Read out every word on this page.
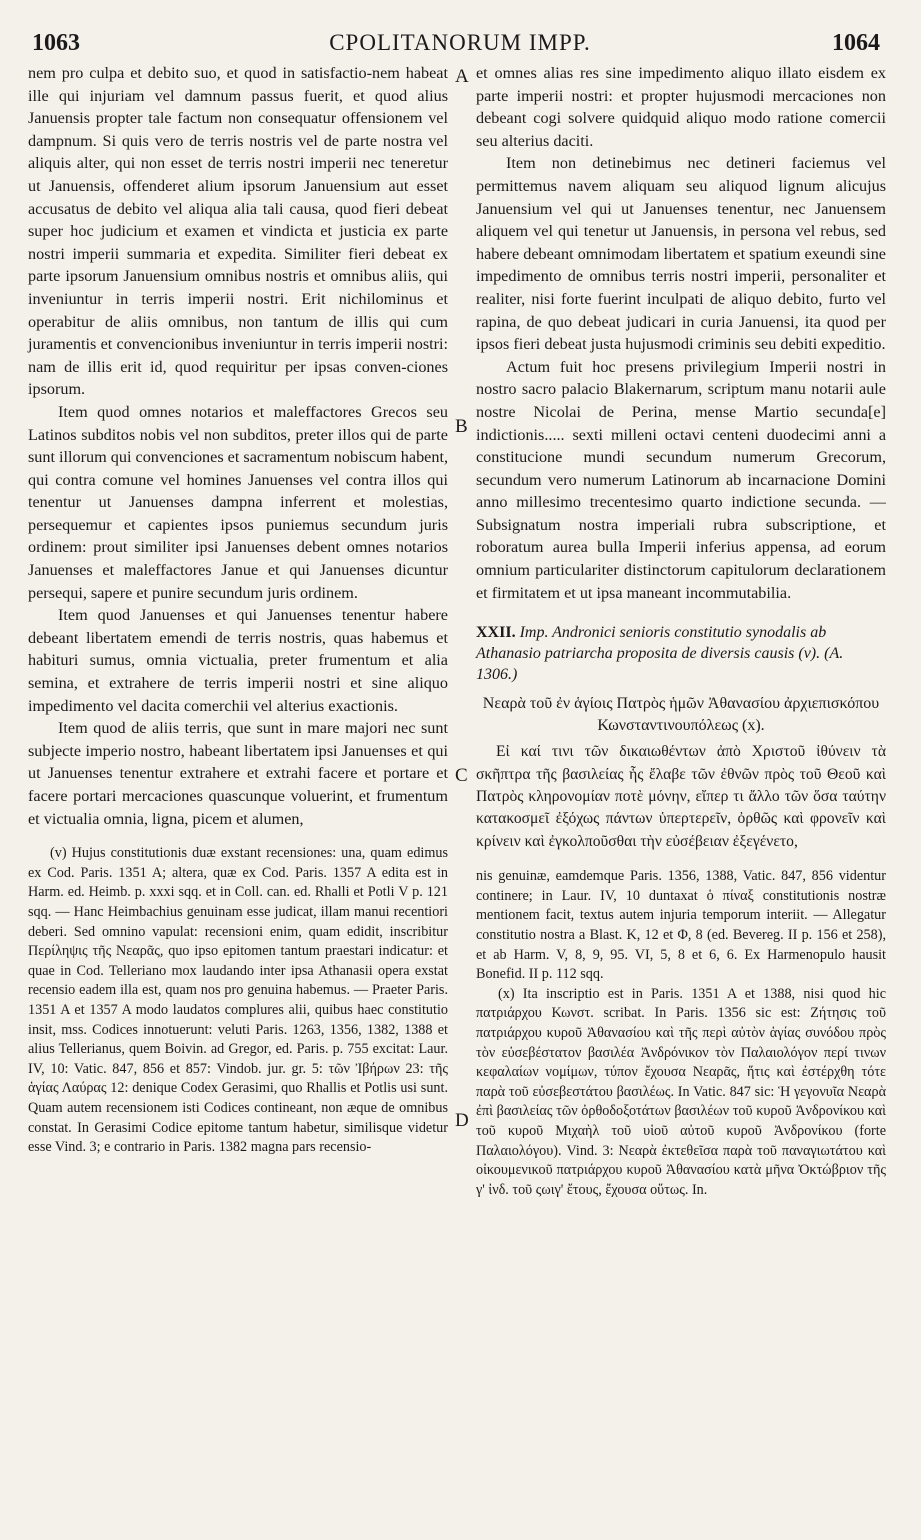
1063	CPOLITANORUM IMPP.	1064
A
B
C
D

nem pro culpa et debito suo, et quod in satisfactio-nem habeat ille qui injuriam vel damnum passus fuerit, et quod alius Januensis propter tale factum non consequatur offensionem vel dampnum. Si quis vero de terris nostris vel de parte nostra vel aliquis alter, qui non esset de terris nostri imperii nec teneretur ut Januensis, offenderet alium ipsorum Januensium aut esset accusatus de debito vel aliqua alia tali causa, quod fieri debeat super hoc judicium et examen et vindicta et justicia ex parte nostri imperii summaria et expedita. Similiter fieri debeat ex parte ipsorum Januensium omnibus nostris et omnibus aliis, qui inveniuntur in terris imperii nostri. Erit nichilominus et operabitur de aliis omnibus, non tantum de illis qui cum juramentis et convencionibus inveniuntur in terris imperii nostri: nam de illis erit id, quod requiritur per ipsas conven-ciones ipsorum.

Item quod omnes notarios et maleffactores Grecos seu Latinos subditos nobis vel non subditos, preter illos qui de parte sunt illorum qui convenciones et sacramentum nobiscum habent, qui contra comune vel homines Januenses vel contra illos qui tenentur ut Januenses dampna inferrent et molestias, persequemur et capientes ipsos puniemus secundum juris ordinem: prout similiter ipsi Januenses debent omnes notarios Januenses et maleffactores Janue et qui Januenses dicuntur persequi, sapere et punire secundum juris ordinem.

Item quod Januenses et qui Januenses tenentur habere debeant libertatem emendi de terris nostris, quas habemus et habituri sumus, omnia victualia, preter frumentum et alia semina, et extrahere de terris imperii nostri et sine aliquo impedimento vel dacita comerchii vel alterius exactionis.

Item quod de aliis terris, que sunt in mare majori nec sunt subjecte imperio nostro, habeant libertatem ipsi Januenses et qui ut Januenses tenentur extrahere et extrahi facere et portare et facere portari mercaciones quascunque voluerint, et frumentum et victualia omnia, ligna, picem et alumen,

(v) Hujus constitutionis duæ exstant recensiones: una, quam edimus ex Cod. Paris. 1351 A; altera, quæ ex Cod. Paris. 1357 A edita est in Harm. ed. Heimb. p. xxxi sqq. et in Coll. can. ed. Rhalli et Potli V p. 121 sqq. — Hanc Heimbachius genuinam esse judicat, illam manui recentiori deberi. Sed omnino vapulat: recensioni enim, quam edidit, inscribitur Περίληψις τῆς Νεαρᾶς, quo ipso epitomen tantum praestari indicatur: et quae in Cod. Telleriano mox laudando inter ipsa Athanasii opera exstat recensio eadem illa est, quam nos pro genuina habemus. — Praeter Paris. 1351 A et 1357 A modo laudatos complures alii, quibus haec constitutio insit, mss. Codices innotuerunt: veluti Paris. 1263, 1356, 1382, 1388 et alius Tellerianus, quem Boivin. ad Gregor, ed. Paris. p. 755 excitat: Laur. IV, 10: Vatic. 847, 856 et 857: Vindob. jur. gr. 5: τῶν Ἰβήρων 23: τῆς ἁγίας Λαύρας 12: denique Codex Gerasimi, quo Rhallis et Potlis usi sunt. Quam autem recensionem isti Codices contineant, non æque de omnibus constat. In Gerasimi Codice epitome tantum habetur, similisque videtur esse Vind. 3; e contrario in Paris. 1382 magna pars recensio-

et omnes alias res sine impedimento aliquo illato eisdem ex parte imperii nostri: et propter hujusmodi mercaciones non debeant cogi solvere quidquid aliquo modo ratione comercii seu alterius daciti.

Item non detinebimus nec detineri faciemus vel permittemus navem aliquam seu aliquod lignum alicujus Januensium vel qui ut Januenses tenentur, nec Januensem aliquem vel qui tenetur ut Januensis, in persona vel rebus, sed habere debeant omnimodam libertatem et spatium exeundi sine impedimento de omnibus terris nostri imperii, personaliter et realiter, nisi forte fuerint inculpati de aliquo debito, furto vel rapina, de quo debeat judicari in curia Januensi, ita quod per ipsos fieri debeat justa hujusmodi criminis seu debiti expeditio.

Actum fuit hoc presens privilegium Imperii nostri in nostro sacro palacio Blakernarum, scriptum manu notarii aule nostre Nicolai de Perina, mense Martio secunda[e] indictionis..... sexti milleni octavi centeni duodecimi anni a constitucione mundi secundum numerum Grecorum, secundum vero numerum Latinorum ab incarnacione Domini anno millesimo trecentesimo quarto indictione secunda. — Subsignatum nostra imperiali rubra subscriptione, et roboratum aurea bulla Imperii inferius appensa, ad eorum omnium particulariter distinctorum capitulorum declarationem et firmitatem et ut ipsa maneant incommutabilia.

XXII. Imp. Andronici senioris constitutio synodalis ab Athanasio patriarcha proposita de diversis causis (v). (A. 1306.)
Νεαρὰ τοῦ ἐν ἁγίοις Πατρὸς ἡμῶν Ἀθανασίου ἀρχιεπισκόπου Κωνσταντινουπόλεως (x).

Εἰ καί τινι τῶν δικαιωθέντων ἀπὸ Χριστοῦ ἰθύνειν τὰ σκῆπτρα τῆς βασιλείας ἧς ἔλαβε τῶν ἐθνῶν πρὸς τοῦ Θεοῦ καὶ Πατρὸς κληρονομίαν ποτὲ μόνην, εἴπερ τι ἄλλο τῶν ὅσα ταύτην κατακοσμεῖ ἐξόχως πάντων ὑπερτερεῖν, ὀρθῶς καὶ φρονεῖν καὶ κρίνειν καὶ ἐγκολποῦσθαι τὴν εὐσέβειαν ἐξεγένετο,

nis genuinæ, eamdemque Paris. 1356, 1388, Vatic. 847, 856 videntur continere; in Laur. IV, 10 duntaxat ὁ πίναξ constitutionis nostræ mentionem facit, textus autem injuria temporum interiit. — Allegatur constitutio nostra a Blast. K, 12 et Φ, 8 (ed. Bevereg. II p. 156 et 258), et ab Harm. V, 8, 9, 95. VI, 5, 8 et 6, 6. Ex Harmenopulo hausit Bonefid. II p. 112 sqq.

(x) Ita inscriptio est in Paris. 1351 A et 1388, nisi quod hic πατριάρχου Κωνστ. scribat. In Paris. 1356 sic est: Ζήτησις τοῦ πατριάρχου κυροῦ Ἀθανασίου καὶ τῆς περὶ αὐτὸν ἁγίας συνόδου πρὸς τὸν εὐσεβέστατον βασιλέα Ἀνδρόνικον τὸν Παλαιολόγον περί τινων κεφαλαίων νομίμων, τύπον ἔχουσα Νεαρᾶς, ἥτις καὶ ἐστέρχθη τότε παρὰ τοῦ εὐσεβεστάτου βασιλέως. In Vatic. 847 sic: Ἡ γεγονυῖα Νεαρὰ ἐπὶ βασιλείας τῶν ὀρθοδοξοτάτων βασιλέων τοῦ κυροῦ Ἀνδρονίκου καὶ τοῦ κυροῦ Μιχαὴλ τοῦ υἱοῦ αὐτοῦ κυροῦ Ἀνδρονίκου (forte Παλαιολόγου). Vind. 3: Νεαρὰ ἐκτεθεῖσα παρὰ τοῦ παναγιωτάτου καὶ οἰκουμενικοῦ πατριάρχου κυροῦ Ἀθανασίου κατὰ μῆνα Ὀκτώβριον τῆς γ' ἰνδ. τοῦ ςωιγ' ἔτους, ἔχουσα οὕτως. In.
